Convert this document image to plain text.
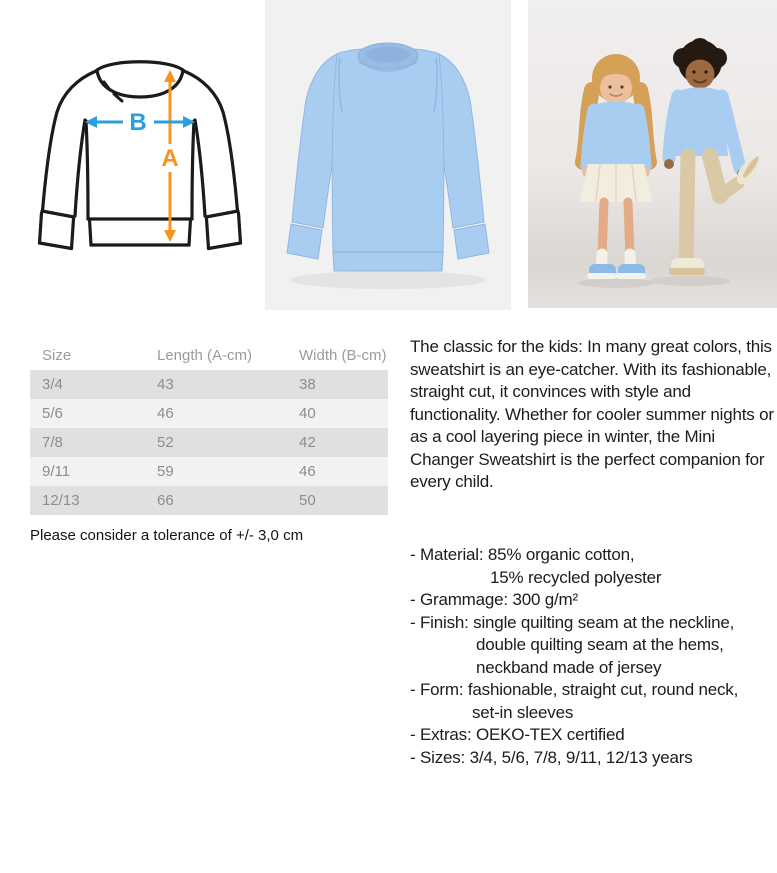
A
B
Size	Length (A-cm)	Width (B-cm)
3/4	43	38
5/6	46	40
7/8	52	42
9/11	59	46
12/13	66	50
Please consider a tolerance of +/- 3,0 cm
The classic for the kids: In many great colors, this sweatshirt is an eye-catcher. With its fashionable, straight cut, it convinces with style and functionality. Whether for cooler summer nights or as a cool layering piece in winter, the Mini Changer Sweatshirt is the perfect companion for every child.
- Material: 85% organic cotton,
15% recycled polyester
- Grammage: 300 g/m²
- Finish: single quilting seam at the neckline,
double quilting seam at the hems,
neckband made of jersey
- Form: fashionable, straight cut, round neck,
set-in sleeves
- Extras: OEKO-TEX certified
- Sizes: 3/4, 5/6, 7/8, 9/11, 12/13 years
